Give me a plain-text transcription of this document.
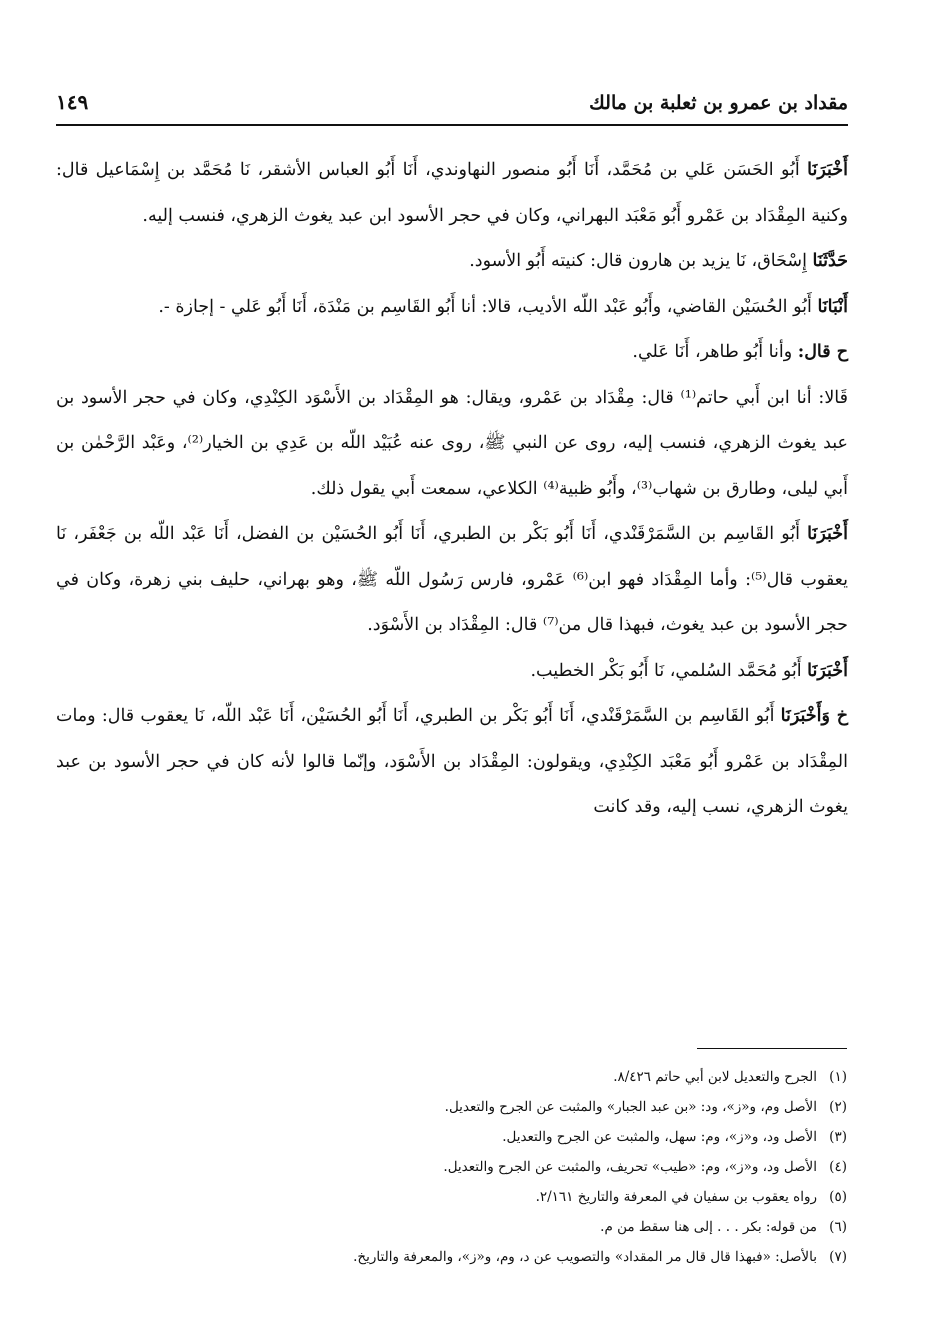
مقداد بن عمرو بن ثعلبة بن مالك
١٤٩

أَخْبَرَنَا أَبُو الحَسَن عَلي بن مُحَمَّد، أَنَا أَبُو منصور النهاوندي، أَنَا أَبُو العباس الأشقر، نَا مُحَمَّد بن إِسْمَاعيل قال: وكنية المِقْدَاد بن عَمْرو أَبُو مَعْبَد البهراني، وكان في حجر الأسود ابن عبد يغوث الزهري، فنسب إليه.

حَدَّثَنَا إِسْحَاق، نَا يزيد بن هارون قال: كنيته أَبُو الأسود.

أَنْبَانَا أَبُو الحُسَيْن القاضي، وأَبُو عَبْد اللّه الأديب، قالا: أنا أَبُو القَاسِم بن مَنْدَة، أَنَا أَبُو عَلي - إجازة -.

ح قال: وأنا أَبُو طاهر، أَنَا عَلي.

قَالا: أنا ابن أَبي حاتم⁽¹⁾ قال: مِقْدَاد بن عَمْرو، ويقال: هو المِقْدَاد بن الأَسْوَد الكِنْدِي، وكان في حجر الأسود بن عبد يغوث الزهري، فنسب إليه، روى عن النبي ﷺ، روى عنه عُبَيْد اللّه بن عَدِي بن الخيار⁽²⁾، وعَبْد الرَّحْمٰن بن أَبي ليلى، وطارق بن شهاب⁽³⁾، وأَبُو ظبية⁽⁴⁾ الكلاعي، سمعت أَبي يقول ذلك.

أَخْبَرَنَا أَبُو القَاسِم بن السَّمَرْقَنْدي، أَنَا أَبُو بَكْر بن الطبري، أَنَا أَبُو الحُسَيْن بن الفضل، أَنَا عَبْد اللّه بن جَعْفَر، نَا يعقوب قال⁽⁵⁾: وأما المِقْدَاد فهو ابن⁽⁶⁾ عَمْرو، فارس رَسُول اللّه ﷺ، وهو بهراني، حليف بني زهرة، وكان في حجر الأسود بن عبد يغوث، فبهذا قال من⁽⁷⁾ قال: المِقْدَاد بن الأَسْوَد.

أَخْبَرَنَا أَبُو مُحَمَّد السُلمي، نَا أَبُو بَكْر الخطيب.

خ وَأَخْبَرَنَا أَبُو القَاسِم بن السَّمَرْقَنْدي، أَنَا أَبُو بَكْر بن الطبري، أَنَا أَبُو الحُسَيْن، أَنَا عَبْد اللّه، نَا يعقوب قال: ومات المِقْدَاد بن عَمْرو أَبُو مَعْبَد الكِنْدِي، ويقولون: المِقْدَاد بن الأَسْوَد، وإنّما قالوا لأنه كان في حجر الأسود بن عبد يغوث الزهري، نسب إليه، وقد كانت

(١)الجرح والتعديل لابن أبي حاتم ٨/٤٢٦.
(٢)الأصل وم، و«ز»، ود: «بن عبد الجبار» والمثبت عن الجرح والتعديل.
(٣)الأصل ود، و«ز»، وم: سهل، والمثبت عن الجرح والتعديل.
(٤)الأصل ود، و«ز»، وم: «طيب» تحريف، والمثبت عن الجرح والتعديل.
(٥)رواه يعقوب بن سفيان في المعرفة والتاريخ ٢/١٦١.
(٦)من قوله: بكر . . . إلى هنا سقط من م.
(٧)بالأصل: «فبهذا قال قال مر المقداد» والتصويب عن د، وم، و«ز»، والمعرفة والتاريخ.
